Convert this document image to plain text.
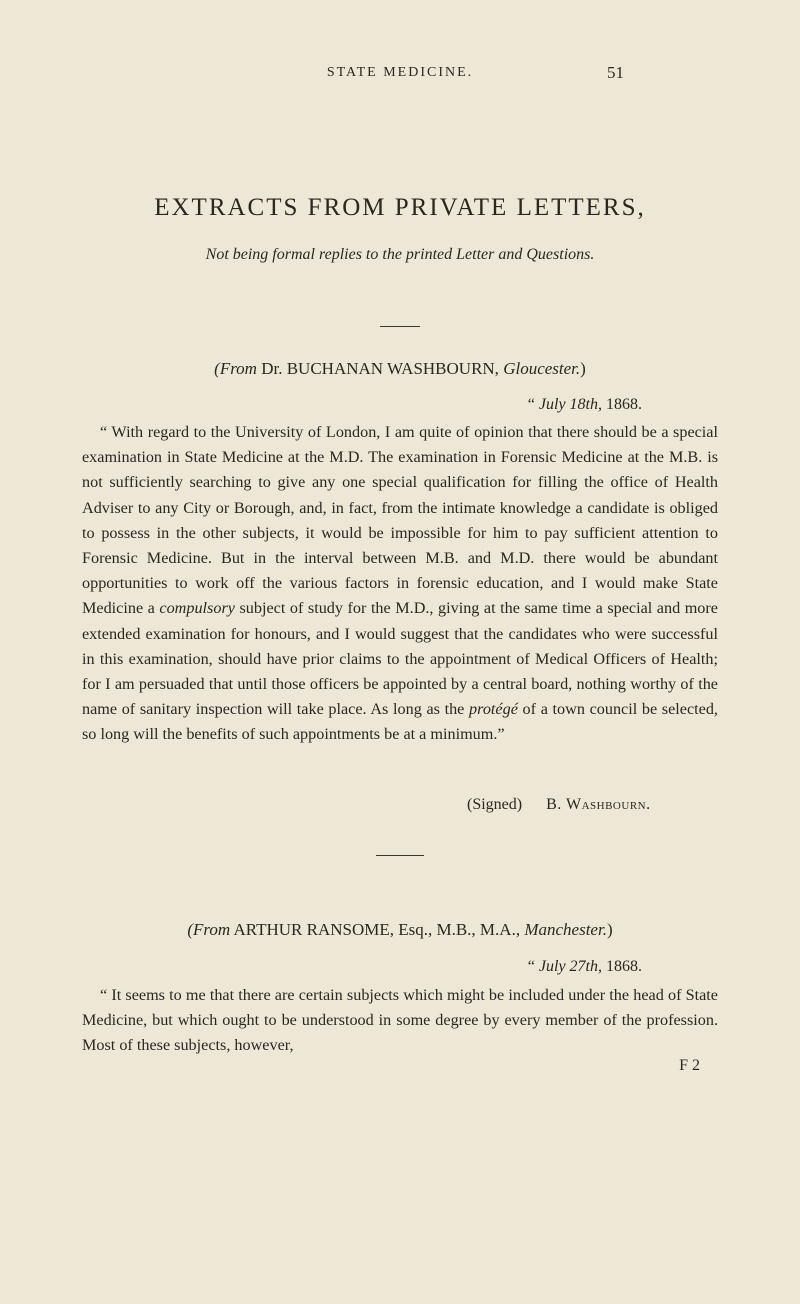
STATE MEDICINE.	51
EXTRACTS FROM PRIVATE LETTERS,
Not being formal replies to the printed Letter and Questions.
(From Dr. BUCHANAN WASHBOURN, Gloucester.)
“ July 18th, 1868.

“ With regard to the University of London, I am quite of opinion that there should be a special examination in State Medicine at the M.D. The examination in Forensic Medicine at the M.B. is not sufficiently searching to give any one special qualification for filling the office of Health Adviser to any City or Borough, and, in fact, from the intimate knowledge a candidate is obliged to possess in the other subjects, it would be impossible for him to pay sufficient attention to Forensic Medicine. But in the interval between M.B. and M.D. there would be abundant opportunities to work off the various factors in forensic education, and I would make State Medicine a compulsory subject of study for the M.D., giving at the same time a special and more extended examination for honours, and I would suggest that the candidates who were successful in this examination, should have prior claims to the appointment of Medical Officers of Health; for I am persuaded that until those officers be appointed by a central board, nothing worthy of the name of sanitary inspection will take place. As long as the protégé of a town council be selected, so long will the benefits of such appointments be at a minimum.”

(Signed) B. Washbourn.
(From ARTHUR RANSOME, Esq., M.B., M.A., Manchester.)
“ July 27th, 1868.

“ It seems to me that there are certain subjects which might be included under the head of State Medicine, but which ought to be understood in some degree by every member of the profession. Most of these subjects, however,

F 2
